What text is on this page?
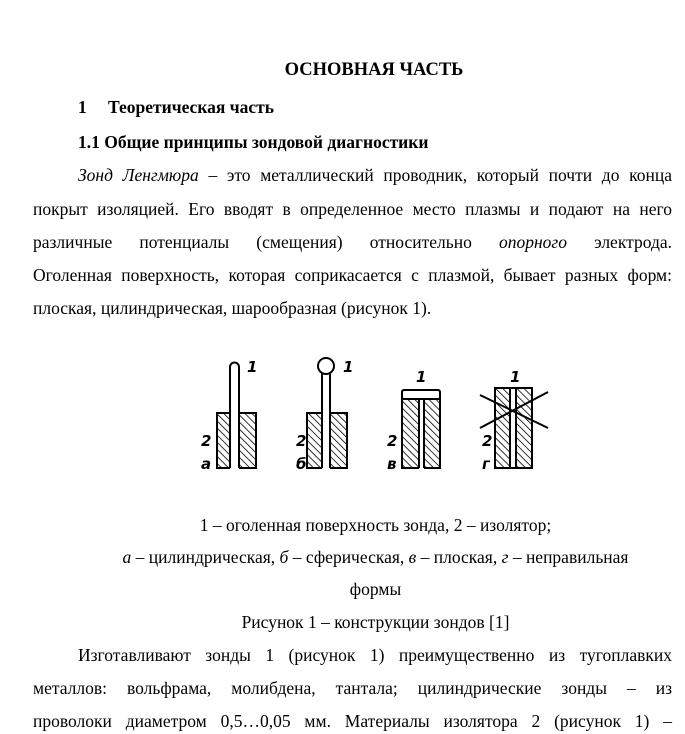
ОСНОВНАЯ ЧАСТЬ
1 Теоретическая часть
1.1 Общие принципы зондовой диагностики
Зонд Ленгмюра – это металлический проводник, который почти до конца
покрыт изоляцией. Его вводят в определенное место плазмы и подают на него
различные потенциалы (смещения) относительно опорного электрода.
Оголенная поверхность, которая соприкасается с плазмой, бывает разных форм:
плоская, цилиндрическая, шарообразная (рисунок 1).
1	1
1	1
2	2	2	2
а	б	в	г
1 – оголенная поверхность зонда, 2 – изолятор;
а – цилиндрическая, б – сферическая, в – плоская, г – неправильная
формы
Рисунок 1 – конструкции зондов [1]
Изготавливают зонды 1 (рисунок 1) преимущественно из тугоплавких
металлов: вольфрама, молибдена, тантала; цилиндрические зонды – из
проволоки диаметром 0,5…0,05 мм. Материалы изолятора 2 (рисунок 1) –
